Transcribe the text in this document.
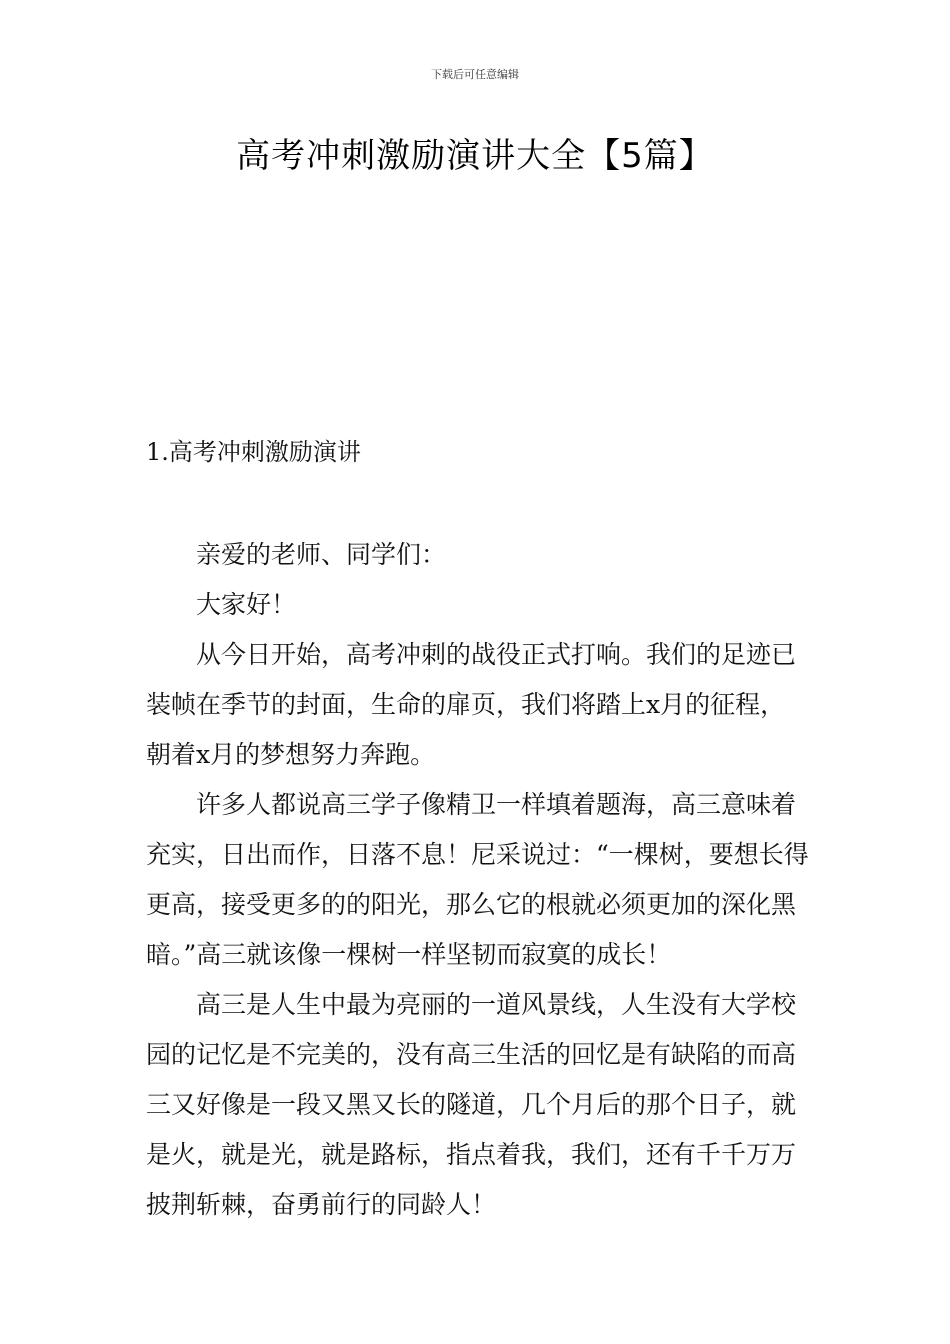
下载后可任意编辑
高考冲刺激励演讲大全【5篇】
1.高考冲刺激励演讲

亲爱的老师、同学们：

大家好！

从今日开始，高考冲刺的战役正式打响。我们的足迹已装帧在季节的封面，生命的扉页，我们将踏上x月的征程，朝着x月的梦想努力奔跑。

许多人都说高三学子像精卫一样填着题海，高三意味着充实，日出而作，日落不息！尼采说过：“一棵树，要想长得更高，接受更多的的阳光，那么它的根就必须更加的深化黑暗。”高三就该像一棵树一样坚韧而寂寞的成长！

高三是人生中最为亮丽的一道风景线，人生没有大学校园的记忆是不完美的，没有高三生活的回忆是有缺陷的而高三又好像是一段又黑又长的隧道，几个月后的那个日子，就是火，就是光，就是路标，指点着我，我们，还有千千万万披荆斩棘，奋勇前行的同龄人！
